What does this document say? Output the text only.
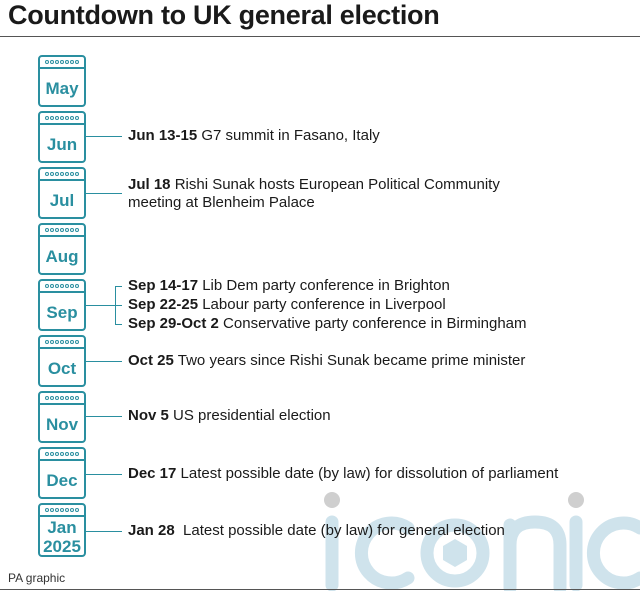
Countdown to UK general election
May
Jun
Jul
Aug
Sep
Oct
Nov
Dec
Jan
2025
Jun 13-15 G7 summit in Fasano, Italy
Jul 18 Rishi Sunak hosts European Political Community meeting at Blenheim Palace
Sep 14-17 Lib Dem party conference in Brighton
Sep 22-25 Labour party conference in Liverpool
Sep 29-Oct 2 Conservative party conference in Birmingham
Oct 25 Two years since Rishi Sunak became prime minister
Nov 5 US presidential election
Dec 17 Latest possible date (by law) for dissolution of parliament
Jan 28  Latest possible date (by law) for general election
PA graphic
